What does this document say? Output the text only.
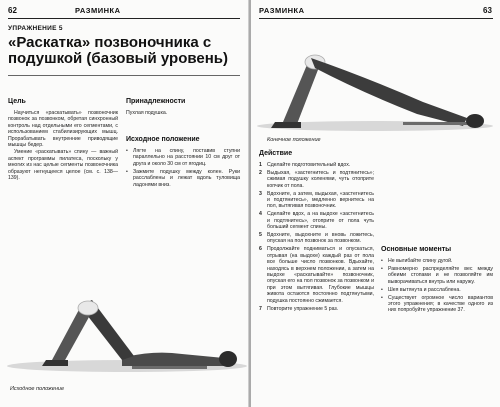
62	РАЗМИНКА
УПРАЖНЕНИЕ 5
«Раскатка» позвоночника с подушкой (базовый уровень)
Цель

Научиться «раскатывать» позвоночник позвонок за позвонком, обретая синхронный контроль над отдельными его сегментами, с использованием стабилизирующих мышц. Прорабатывать внутренние приводящие мышцы бедер.

Умение «раскатывать» спину — важный аспект программы пилатеса, поскольку у многих из нас целые сегменты позвоночника образуют негнущееся целое (см. с. 138—139).

Принадлежности
Пухлая подушка.
Исходное положение
• Лягте на спину, поставив ступни параллельно на расстоянии 10 см друг от друга и около 30 см от ягодиц.
• Зажмите подушку между колен. Руки расслаблены и лежат вдоль туловища ладонями вниз.
Исходное положение
РАЗМИНКА	63
Конечное положение
Действие
1 Сделайте подготовительный вдох.
2 Выдыхая, «застегнитесь и подтянитесь»; сжимая подушку коленями, чуть отоприте копчик от пола.
3 Вдохните, а затем, выдыхая, «застегнитесь и подтянитесь», медленно вернитесь на пол, вытягивая позвоночник.
4 Сделайте вдох, а на выдохе «застегнитесь и подтянитесь», отоприте от пола чуть больший сегмент спины.
5 Вдохните, выдохните и вновь ложитесь, опуская на пол позвонок за позвонком.
6 Продолжайте подниматься и опускаться, отрывая (на выдохе) каждый раз от пола все больше число позвонков. Вдыхайте, находясь в верхнем положении, а затем на выдохе «раскатывайте» позвоночник, опуская его на пол позвонок за позвонком и при этом вытягивая. Глубокие мышцы живота остаются постоянно подтянутыми, подушка постоянно сжимается.
7 Повторите упражнение 5 раз.
Основные моменты
• Не выгибайте спину дугой.
• Равномерно распределяйте вес между обеими стопами и не позволяйте им выворачиваться внутрь или наружу.
• Шея вытянута и расслаблена.
• Существует огромное число вариантов этого упражнения; в качестве одного из них попробуйте упражнение 37.
